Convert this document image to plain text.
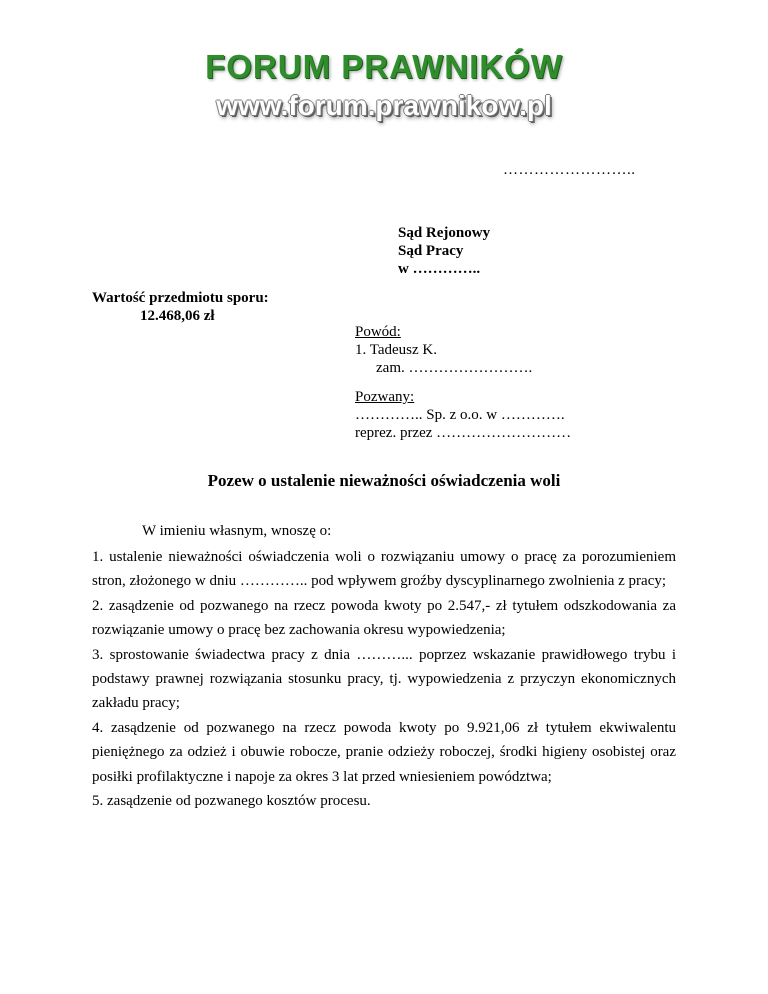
FORUM PRAWNIKÓW
www.forum.prawnikow.pl
……………………..
Sąd Rejonowy
Sąd Pracy
w …………..
Wartość przedmiotu sporu:
12.468,06 zł
Powód:
1. Tadeusz K.
zam. …………………….
Pozwany:
………….. Sp. z o.o. w ………….
reprez. przez ………………………
Pozew o ustalenie nieważności oświadczenia woli
W imieniu własnym, wnoszę o:

1. ustalenie nieważności oświadczenia woli o rozwiązaniu umowy o pracę za porozumieniem stron, złożonego w dniu ………….. pod wpływem groźby dyscyplinarnego zwolnienia z pracy;

2. zasądzenie od pozwanego na rzecz powoda kwoty po 2.547,- zł tytułem odszkodowania za rozwiązanie umowy o pracę bez zachowania okresu wypowiedzenia;

3. sprostowanie świadectwa pracy z dnia ………... poprzez wskazanie prawidłowego trybu i podstawy prawnej rozwiązania stosunku pracy, tj. wypowiedzenia z przyczyn ekonomicznych zakładu pracy;

4. zasądzenie od pozwanego na rzecz powoda kwoty po 9.921,06 zł tytułem ekwiwalentu pieniężnego za odzież i obuwie robocze, pranie odzieży roboczej, środki higieny osobistej oraz posiłki profilaktyczne i napoje za okres 3 lat przed wniesieniem powództwa;

5. zasądzenie od pozwanego kosztów procesu.
